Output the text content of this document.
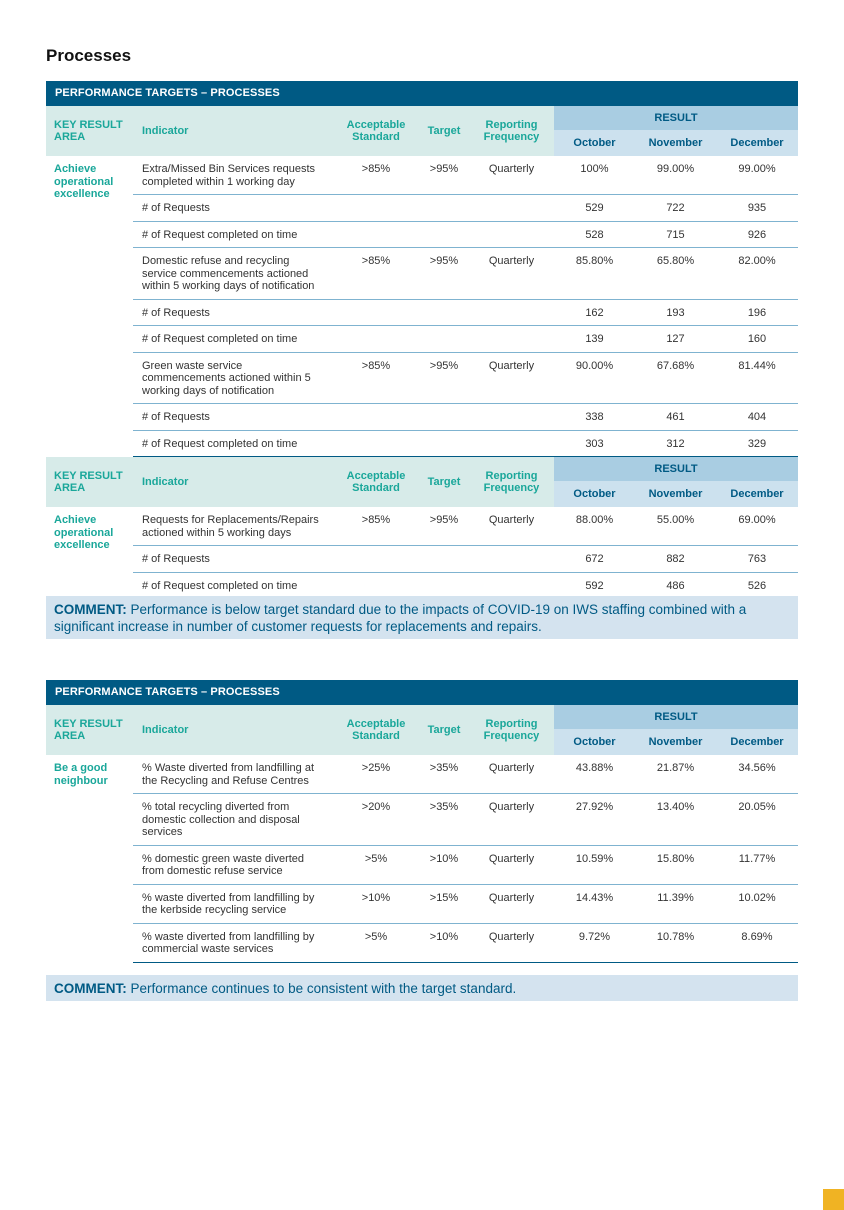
Processes
PERFORMANCE TARGETS – PROCESSES
KEY RESULT AREA	Indicator	Acceptable Standard	Target	Reporting Frequency	RESULT		
					October	November	December
Achieve operational excellence	Extra/Missed Bin Services requests completed within 1 working day	>85%	>95%	Quarterly	100%	99.00%	99.00%
	# of Requests				529	722	935
	# of Request completed on time				528	715	926
	Domestic refuse and recycling service commencements actioned within 5 working days of notification	>85%	>95%	Quarterly	85.80%	65.80%	82.00%
	# of Requests				162	193	196
	# of Request completed on time				139	127	160
	Green waste service commencements actioned within 5 working days of notification	>85%	>95%	Quarterly	90.00%	67.68%	81.44%
	# of Requests				338	461	404
	# of Request completed on time				303	312	329
KEY RESULT AREA	Indicator	Acceptable Standard	Target	Reporting Frequency	RESULT		
					October	November	December
Achieve operational excellence	Requests for Replacements/Repairs actioned within 5 working days	>85%	>95%	Quarterly	88.00%	55.00%	69.00%
	# of Requests				672	882	763
	# of Request completed on time				592	486	526
COMMENT: Performance is below target standard due to the impacts of COVID-19 on IWS staffing combined with a significant increase in number of customer requests for replacements and repairs.
PERFORMANCE TARGETS – PROCESSES
KEY RESULT AREA	Indicator	Acceptable Standard	Target	Reporting Frequency	RESULT		
					October	November	December
Be a good neighbour	% Waste diverted from landfilling at the Recycling and Refuse Centres	>25%	>35%	Quarterly	43.88%	21.87%	34.56%
	% total recycling diverted from domestic collection and disposal services	>20%	>35%	Quarterly	27.92%	13.40%	20.05%
	% domestic green waste diverted from domestic refuse service	>5%	>10%	Quarterly	10.59%	15.80%	11.77%
	% waste diverted from landfilling by the kerbside recycling service	>10%	>15%	Quarterly	14.43%	11.39%	10.02%
	% waste diverted from landfilling by commercial waste services	>5%	>10%	Quarterly	9.72%	10.78%	8.69%
COMMENT: Performance continues to be consistent with the target standard.
